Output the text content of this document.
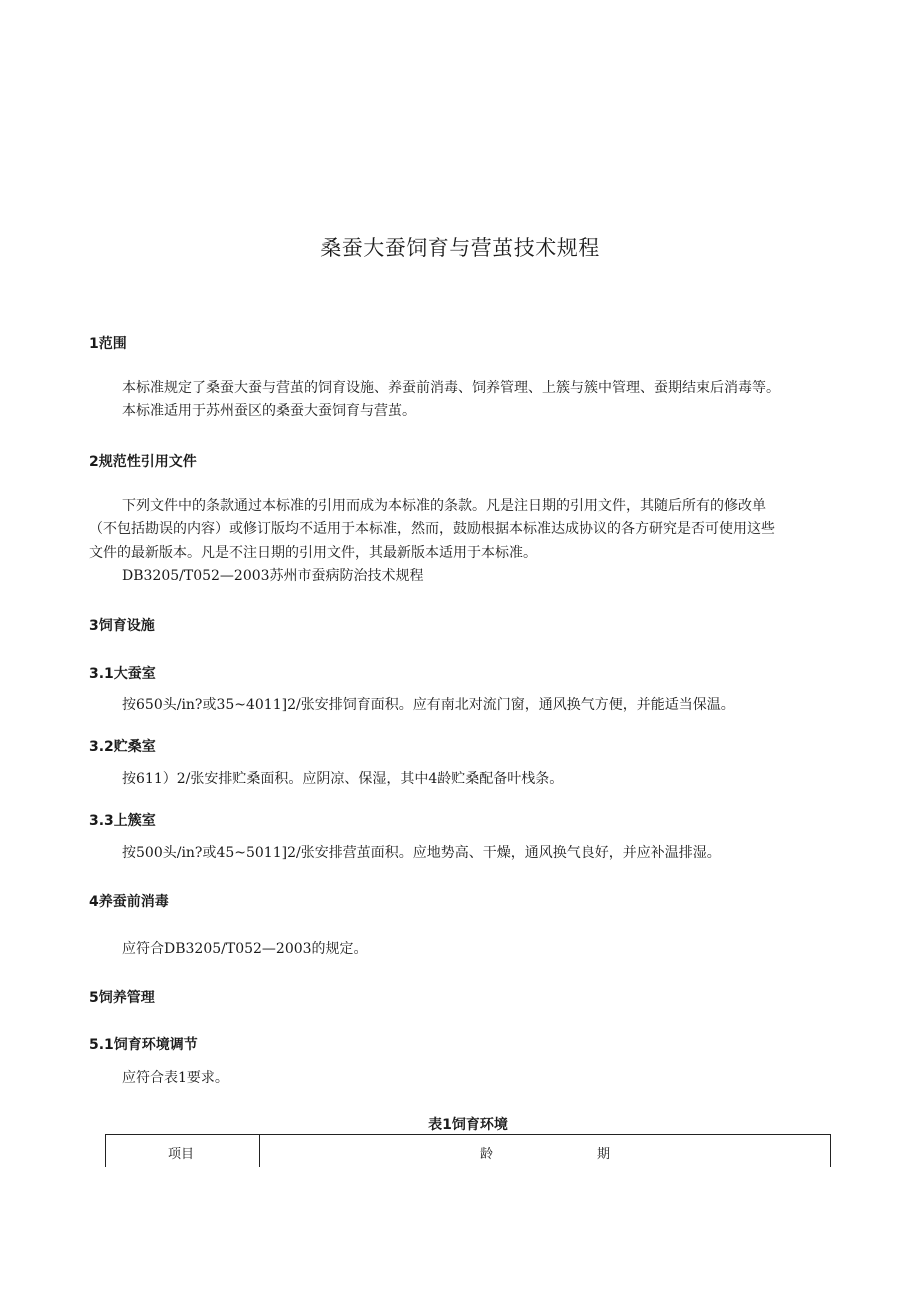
桑蚕大蚕饲育与营茧技术规程
1范围
本标准规定了桑蚕大蚕与营茧的饲育设施、养蚕前消毒、饲养管理、上簇与簇中管理、蚕期结束后消毒等。
本标准适用于苏州蚕区的桑蚕大蚕饲育与营茧。
2规范性引用文件
下列文件中的条款通过本标准的引用而成为本标准的条款。凡是注日期的引用文件，其随后所有的修改单
（不包括勘误的内容）或修订版均不适用于本标准，然而，鼓励根据本标准达成协议的各方研究是否可使用这些
文件的最新版本。凡是不注日期的引用文件，其最新版本适用于本标准。
DB3205/T052—2003苏州市蚕病防治技术规程
3饲育设施
3.1大蚕室
按650头/in?或35~4011]2/张安排饲育面积。应有南北对流门窗，通风换气方便，并能适当保温。
3.2贮桑室
按611）2/张安排贮桑面积。应阴凉、保湿，其中4龄贮桑配备叶栈条。
3.3上簇室
按500头/in?或45~5011]2/张安排营茧面积。应地势高、干燥，通风换气良好，并应补温排湿。
4养蚕前消毒
应符合DB3205/T052—2003的规定。
5饲养管理
5.1饲育环境调节
应符合表1要求。
表1饲育环境
项目	龄	期
